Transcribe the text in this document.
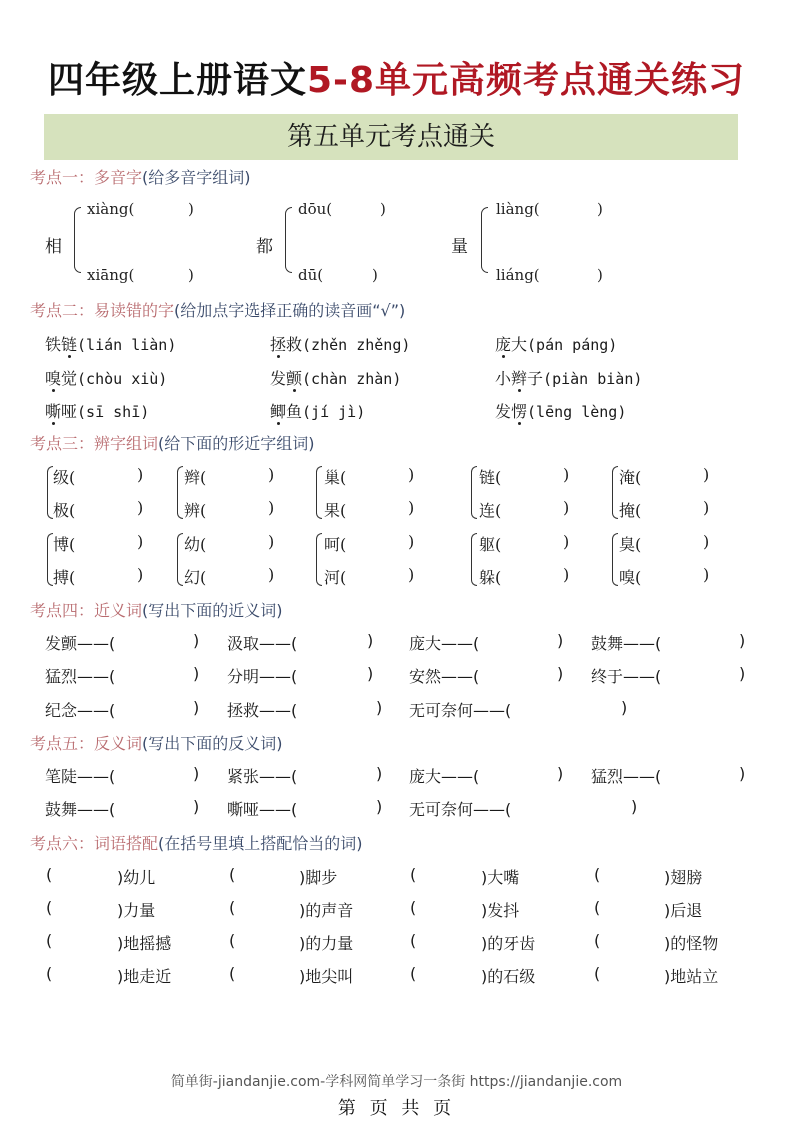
四年级上册语文5-8单元高频考点通关练习
第五单元考点通关
考点一：多音字(给多音字组词)
相
xiàng(	)
xiāng(	)
都
dōu(	)
dū(	)
量
liàng(	)
liáng(	)
考点二：易读错的字(给加点字选择正确的读音画“√”)
铁链(lián liàn)	拯救(zhěn zhěng)	庞大(pán páng)
嗅觉(chòu xiù)	发颤(chàn zhàn)	小辫子(piàn biàn)
嘶哑(sī shī)	鲫鱼(jí jì)	发愣(lēng lèng)
考点三：辨字组词(给下面的形近字组词)
级(	)
极(	)
辫(	)
辨(	)
巢(	)
果(	)
链(	)
连(	)
淹(	)
掩(	)
博(	)
搏(	)
幼(	)
幻(	)
呵(	)
河(	)
躯(	)
躲(	)
臭(	)
嗅(	)
考点四：近义词(写出下面的近义词)
发颤——(	) 汲取——(	) 庞大——(	) 鼓舞——(	)
猛烈——(	) 分明——(	) 安然——(	) 终于——(	)
纪念——(	) 拯救——(	) 无可奈何——(	)
考点五：反义词(写出下面的反义词)
笔陡——(	) 紧张——(	) 庞大——(	) 猛烈——(	)
鼓舞——(	) 嘶哑——(	) 无可奈何——(	)
考点六：词语搭配(在括号里填上搭配恰当的词)
(	)幼儿	(	)脚步	(	)大嘴	(	)翅膀
(	)力量	(	)的声音	(	)发抖	(	)后退
(	)地摇撼	(	)的力量	(	)的牙齿	(	)的怪物
(	)地走近	(	)地尖叫	(	)的石级	(	)地站立
简单街-jiandanjie.com-学科网简单学习一条街 https://jiandanjie.com
第 页 共 页
